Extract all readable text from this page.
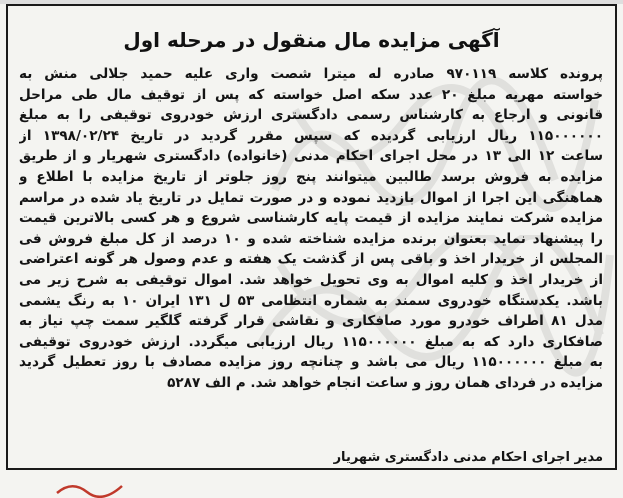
آگهی مزایده مال منقول در مرحله اول
پرونده کلاسه ۹۷۰۱۱۹ صادره له میترا شصت واری علیه حمید جلالی منش به
خواسته مهریه مبلغ ۲۰ عدد سکه اصل خواسته که پس از توقیف مال طی مراحل
قانونی و ارجاع به کارشناس رسمی دادگستری ارزش خودروی توقیفی را به مبلغ
۱۱۵۰۰۰۰۰۰ ریال ارزیابی گردیده که سپس مقرر گردید در تاریخ ۱۳۹۸/۰۲/۲۴ از
ساعت ۱۲ الی ۱۳ در محل اجرای احکام مدنی (خانواده) دادگستری شهریار و از طریق
مزایده به فروش برسد طالبین میتوانند پنج روز جلوتر از تاریخ مزایده با اطلاع و
هماهنگی این اجرا از اموال بازدید نموده و در صورت تمایل در تاریخ یاد شده در مراسم
مزایده شرکت نمایند مزایده از قیمت پایه کارشناسی شروع و هر کسی بالاترین قیمت
را پیشنهاد نماید بعنوان برنده مزایده شناخته شده و ۱۰ درصد از کل مبلغ فروش فی
المجلس از خریدار اخذ و باقی پس از گذشت یک هفته و عدم وصول هر گونه اعتراضی
از خریدار اخذ و کلیه اموال به وی تحویل خواهد شد. اموال توقیفی به شرح زیر می
باشد. یکدستگاه خودروی سمند به شماره انتظامی ۵۳ ل ۱۳۱ ایران ۱۰ به رنگ یشمی
مدل ۸۱ اطراف خودرو مورد صافکاری و نقاشی قرار گرفته گلگیر سمت چپ نیاز به
صافکاری دارد که به مبلغ ۱۱۵۰۰۰۰۰۰ ریال ارزیابی میگردد. ارزش خودروی توقیفی
به مبلغ ۱۱۵۰۰۰۰۰۰ ریال می باشد و چنانچه روز مزایده مصادف با روز تعطیل گردید
مزایده در فردای همان روز و ساعت انجام خواهد شد. م الف ۵۲۸۷
مدیر اجرای احکام مدنی دادگستری شهریار
